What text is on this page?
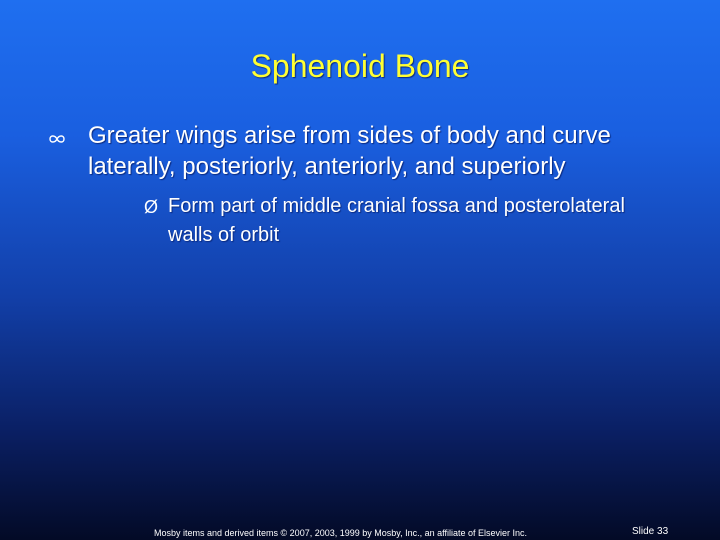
Sphenoid Bone

Greater wings arise from sides of body and curve laterally, posteriorly, anteriorly, and superiorly

Ø Form part of middle cranial fossa and posterolateral walls of orbit

Mosby items and derived items © 2007, 2003, 1999 by Mosby, Inc., an affiliate of Elsevier Inc.	Slide 33
